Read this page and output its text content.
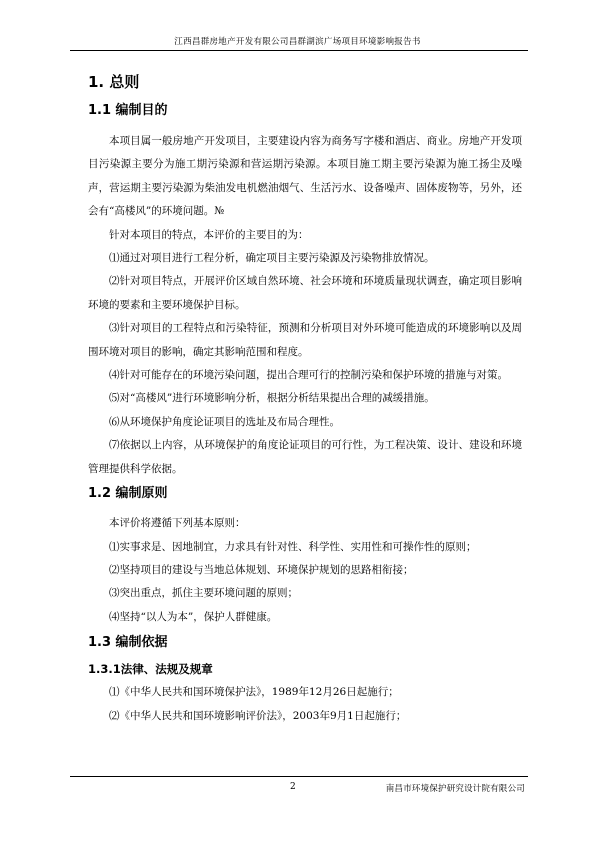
江西昌群房地产开发有限公司昌群湖滨广场项目环境影响报告书
1. 总则
1.1 编制目的

本项目属一般房地产开发项目，主要建设内容为商务写字楼和酒店、商业。房地产开发项目污染源主要分为施工期污染源和营运期污染源。本项目施工期主要污染源为施工扬尘及噪声，营运期主要污染源为柴油发电机燃油烟气、生活污水、设备噪声、固体废物等，另外，还会有“高楼风”的环境问题。№

针对本项目的特点，本评价的主要目的为：

⑴通过对项目进行工程分析，确定项目主要污染源及污染物排放情况。

⑵针对项目特点，开展评价区域自然环境、社会环境和环境质量现状调查，确定项目影响环境的要素和主要环境保护目标。

⑶针对项目的工程特点和污染特征，预测和分析项目对外环境可能造成的环境影响以及周围环境对项目的影响，确定其影响范围和程度。

⑷针对可能存在的环境污染问题，提出合理可行的控制污染和保护环境的措施与对策。

⑸对“高楼风”进行环境影响分析，根据分析结果提出合理的减缓措施。

⑹从环境保护角度论证项目的选址及布局合理性。

⑺依据以上内容，从环境保护的角度论证项目的可行性，为工程决策、设计、建设和环境管理提供科学依据。

1.2 编制原则

本评价将遵循下列基本原则：

⑴实事求是、因地制宜，力求具有针对性、科学性、实用性和可操作性的原则；

⑵坚持项目的建设与当地总体规划、环境保护规划的思路相衔接；

⑶突出重点，抓住主要环境问题的原则；

⑷坚持“以人为本”，保护人群健康。

1.3 编制依据
1.3.1法律、法规及规章

⑴《中华人民共和国环境保护法》，1989年12月26日起施行；

⑵《中华人民共和国环境影响评价法》，2003年9月1日起施行；

2	南昌市环境保护研究设计院有限公司
